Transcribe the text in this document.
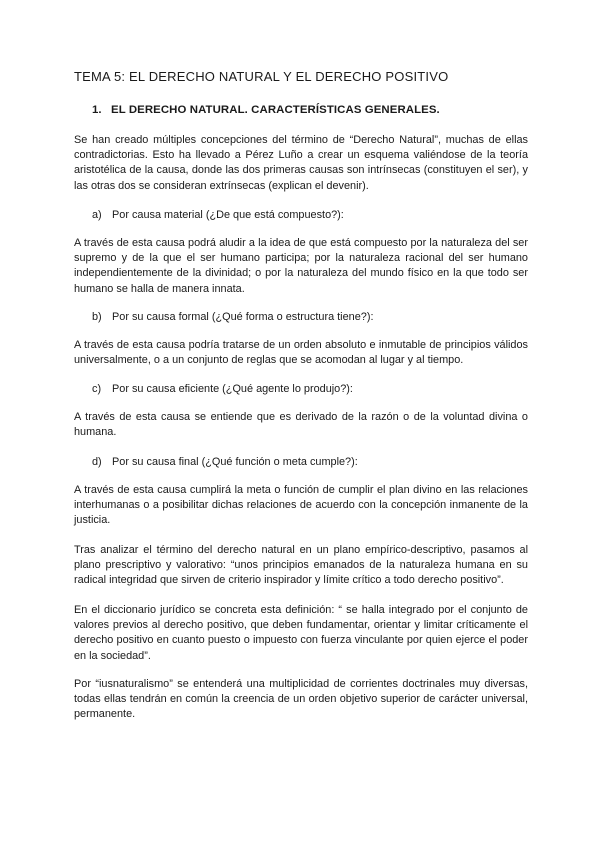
TEMA 5: EL DERECHO NATURAL Y EL DERECHO POSITIVO
1. EL DERECHO NATURAL. CARACTERÍSTICAS GENERALES.

Se han creado múltiples concepciones del término de “Derecho Natural”, muchas de ellas contradictorias. Esto ha llevado a Pérez Luño a crear un esquema valiéndose de la teoría aristotélica de la causa, donde las dos primeras causas son intrínsecas (constituyen el ser), y las otras dos se consideran extrínsecas (explican el devenir).

a) Por causa material (¿De que está compuesto?):

A través de esta causa podrá aludir a la idea de que está compuesto por la naturaleza del ser supremo y de la que el ser humano participa; por la naturaleza racional del ser humano independientemente de la divinidad; o por la naturaleza del mundo físico en la que todo ser humano se halla de manera innata.

b) Por su causa formal (¿Qué forma o estructura tiene?):

A través de esta causa podría tratarse de un orden absoluto e inmutable de principios válidos universalmente, o a un conjunto de reglas que se acomodan al lugar y al tiempo.

c) Por su causa eficiente (¿Qué agente lo produjo?):

A través de esta causa se entiende que es derivado de la razón o de la voluntad divina o humana.

d) Por su causa final (¿Qué función o meta cumple?):

A través de esta causa cumplirá la meta o función de cumplir el plan divino en las relaciones interhumanas o a posibilitar dichas relaciones de acuerdo con la concepción inmanente de la justicia.

Tras analizar el término del derecho natural en un plano empírico-descriptivo, pasamos al plano prescriptivo y valorativo: “unos principios emanados de la naturaleza humana en su radical integridad que sirven de criterio inspirador y límite crítico a todo derecho positivo”.

En el diccionario jurídico se concreta esta definición: “ se halla integrado por el conjunto de valores previos al derecho positivo, que deben fundamentar, orientar y limitar críticamente el derecho positivo en cuanto puesto o impuesto con fuerza vinculante por quien ejerce el poder en la sociedad”.

Por “iusnaturalismo” se entenderá una multiplicidad de corrientes doctrinales muy diversas, todas ellas tendrán en común la creencia de un orden objetivo superior de carácter universal, permanente.
